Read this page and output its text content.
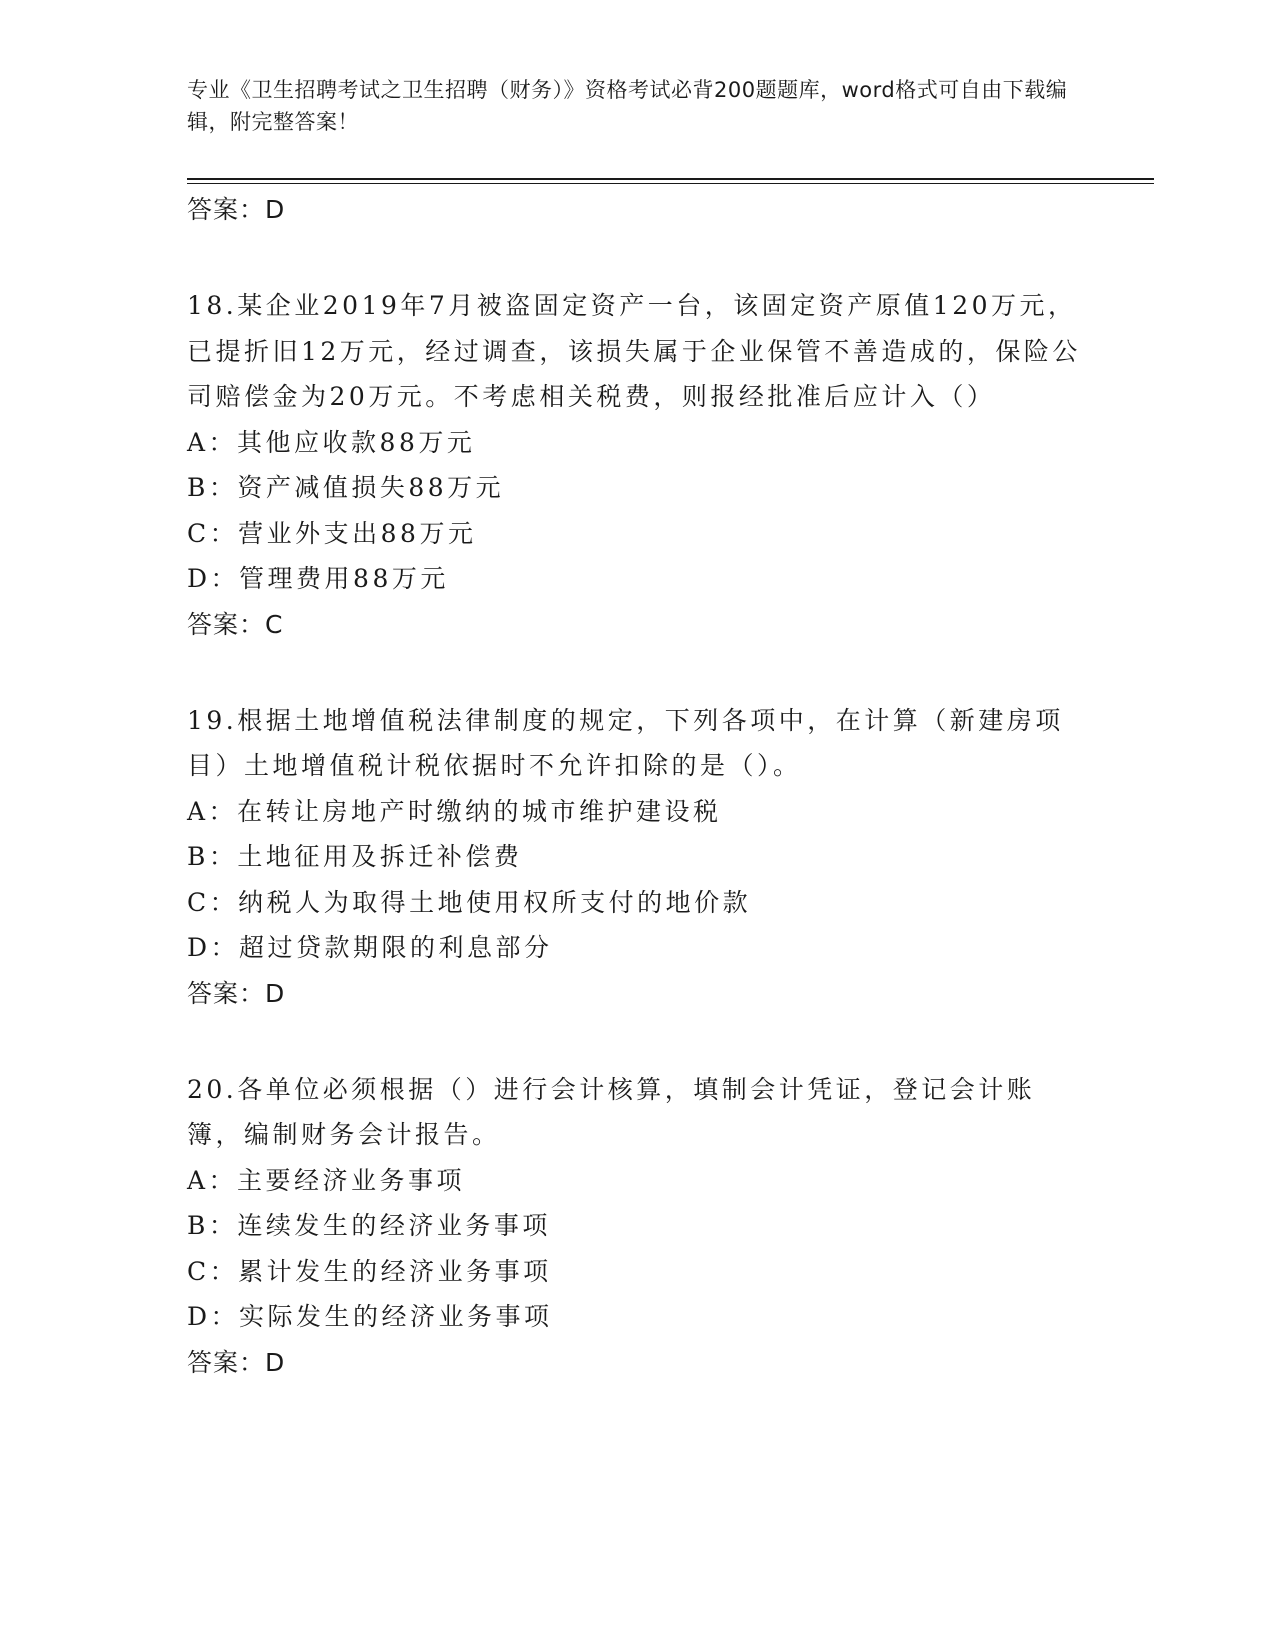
专业《卫生招聘考试之卫生招聘（财务）》资格考试必背200题题库，word格式可自由下载编辑，附完整答案！

答案：D

18.某企业2019年7月被盗固定资产一台，该固定资产原值120万元，已提折旧12万元，经过调查，该损失属于企业保管不善造成的，保险公司赔偿金为20万元。不考虑相关税费，则报经批准后应计入（）

A：其他应收款88万元

B：资产减值损失88万元

C：营业外支出88万元

D：管理费用88万元

答案：C

19.根据土地增值税法律制度的规定，下列各项中，在计算（新建房项目）土地增值税计税依据时不允许扣除的是（）。

A：在转让房地产时缴纳的城市维护建设税

B：土地征用及拆迁补偿费

C：纳税人为取得土地使用权所支付的地价款

D：超过贷款期限的利息部分

答案：D

20.各单位必须根据（）进行会计核算，填制会计凭证，登记会计账簿，编制财务会计报告。

A：主要经济业务事项

B：连续发生的经济业务事项

C：累计发生的经济业务事项

D：实际发生的经济业务事项

答案：D
